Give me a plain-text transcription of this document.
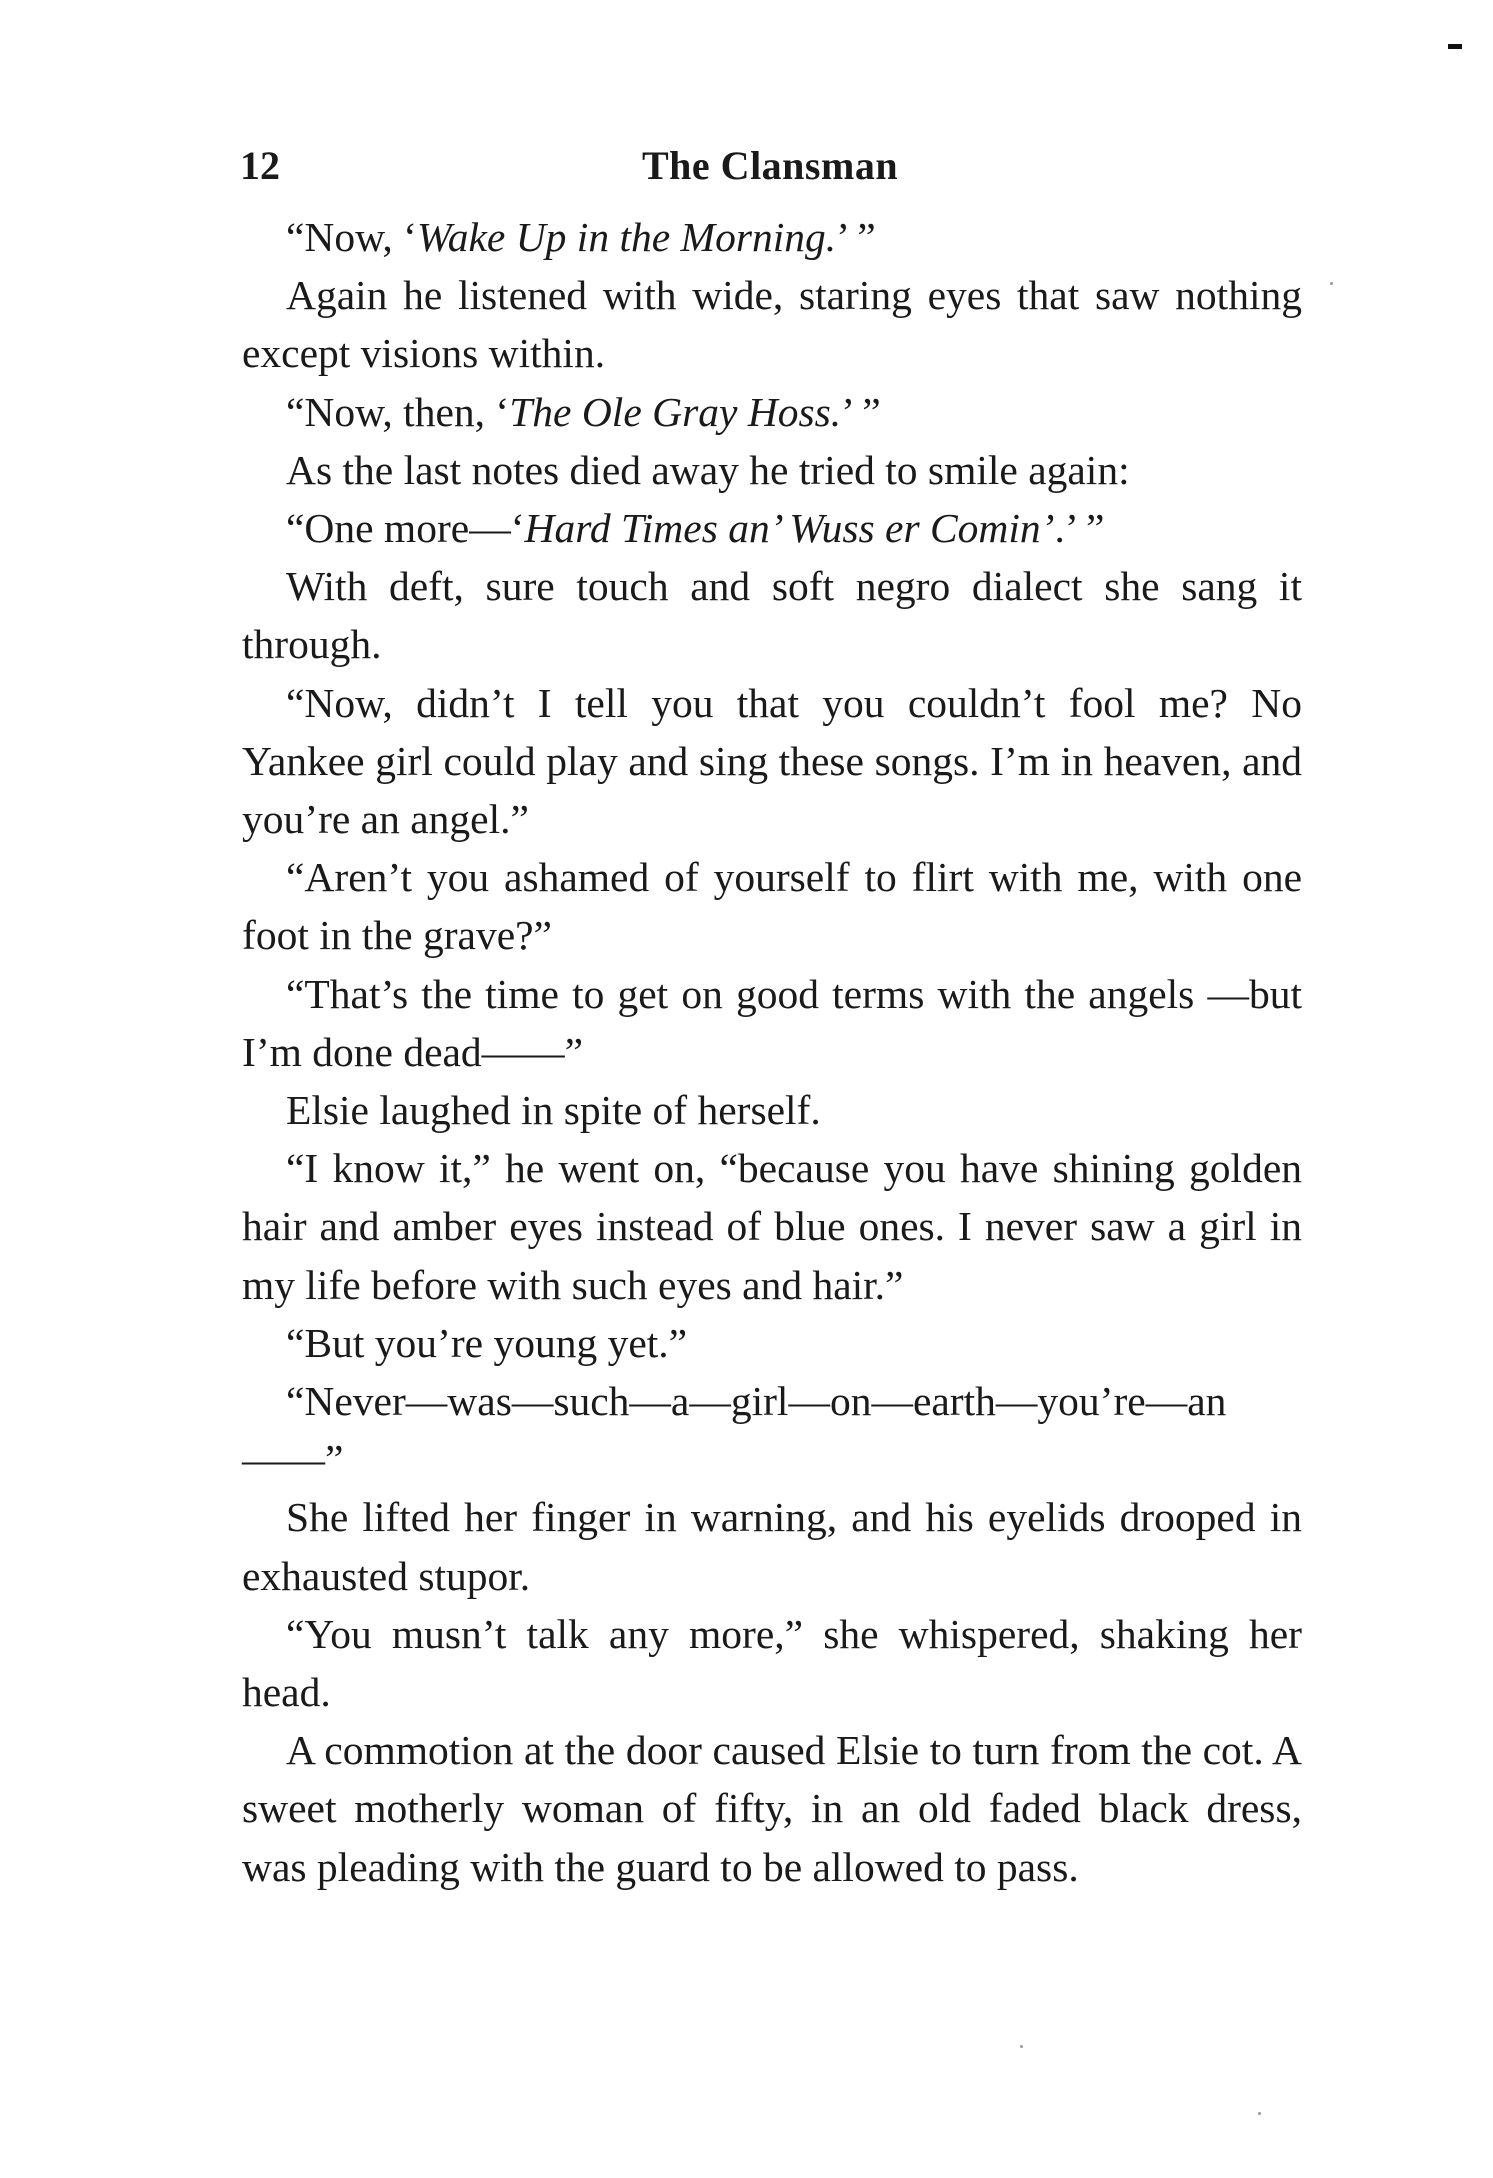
12	The Clansman

“Now, ‘Wake Up in the Morning.’ ”

Again he listened with wide, staring eyes that saw nothing except visions within.

“Now, then, ‘The Ole Gray Hoss.’ ”

As the last notes died away he tried to smile again:

“One more—‘Hard Times an’ Wuss er Comin’.’ ”

With deft, sure touch and soft negro dialect she sang it through.

“Now, didn’t I tell you that you couldn’t fool me? No Yankee girl could play and sing these songs. I’m in heaven, and you’re an angel.”

“Aren’t you ashamed of yourself to flirt with me, with one foot in the grave?”

“That’s the time to get on good terms with the angels —but I’m done dead——”

Elsie laughed in spite of herself.

“I know it,” he went on, “because you have shining golden hair and amber eyes instead of blue ones. I never saw a girl in my life before with such eyes and hair.”

“But you’re young yet.”

“Never—was—such—a—girl—on—earth—you’re—an——”

She lifted her finger in warning, and his eyelids drooped in exhausted stupor.

“You musn’t talk any more,” she whispered, shaking her head.

A commotion at the door caused Elsie to turn from the cot. A sweet motherly woman of fifty, in an old faded black dress, was pleading with the guard to be allowed to pass.
